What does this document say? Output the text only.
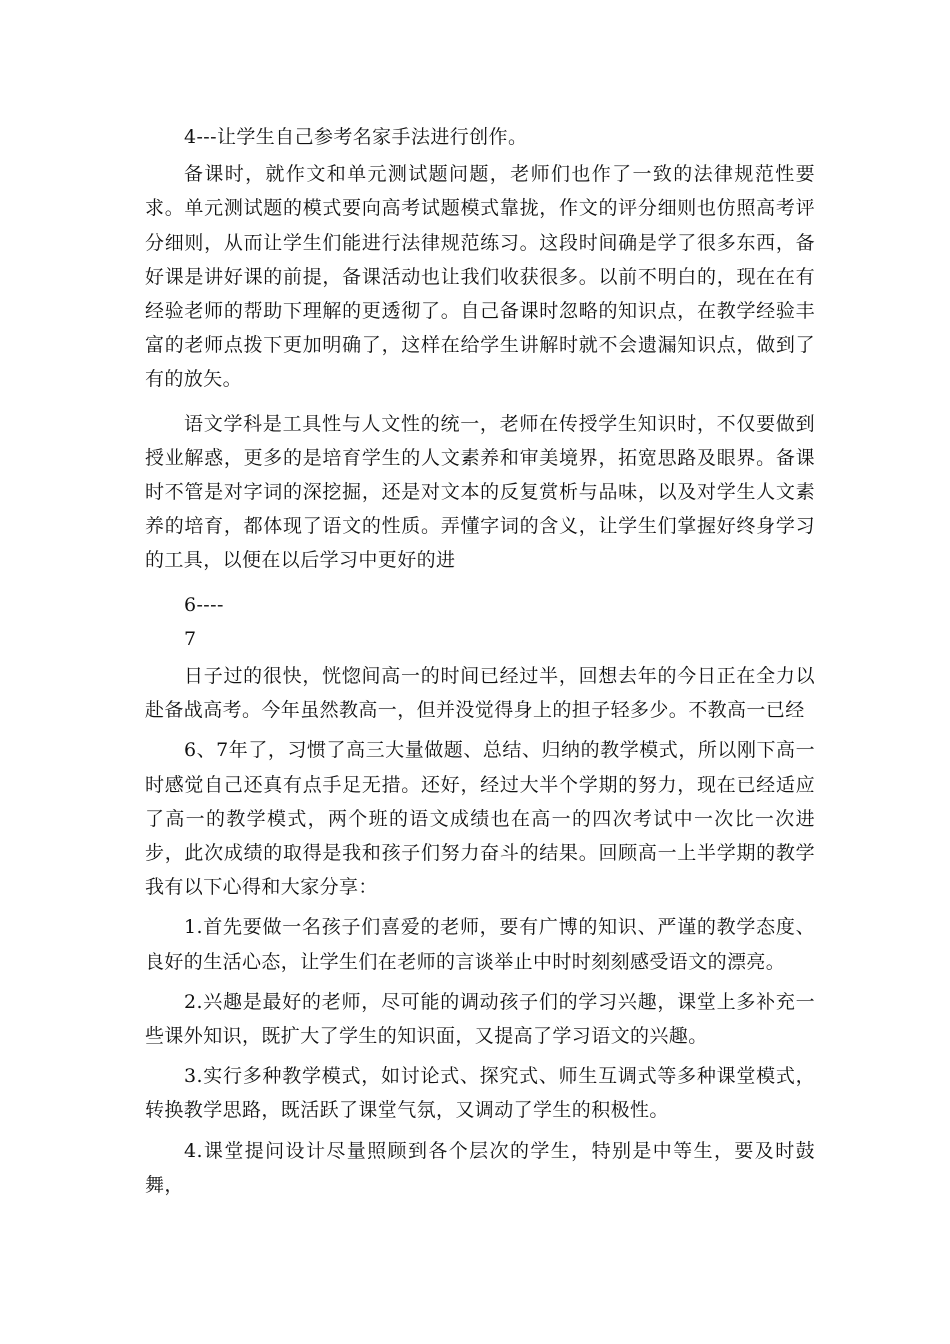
4---让学生自己参考名家手法进行创作。

备课时，就作文和单元测试题问题，老师们也作了一致的法律规范性要求。单元测试题的模式要向高考试题模式靠拢，作文的评分细则也仿照高考评分细则，从而让学生们能进行法律规范练习。这段时间确是学了很多东西，备好课是讲好课的前提，备课活动也让我们收获很多。以前不明白的，现在在有经验老师的帮助下理解的更透彻了。自己备课时忽略的知识点，在教学经验丰富的老师点拨下更加明确了，这样在给学生讲解时就不会遗漏知识点，做到了有的放矢。

语文学科是工具性与人文性的统一，老师在传授学生知识时，不仅要做到授业解惑，更多的是培育学生的人文素养和审美境界，拓宽思路及眼界。备课时不管是对字词的深挖掘，还是对文本的反复赏析与品味，以及对学生人文素养的培育，都体现了语文的性质。弄懂字词的含义，让学生们掌握好终身学习的工具，以便在以后学习中更好的进

6----

7

日子过的很快，恍惚间高一的时间已经过半，回想去年的今日正在全力以赴备战高考。今年虽然教高一，但并没觉得身上的担子轻多少。不教高一已经

6、7年了，习惯了高三大量做题、总结、归纳的教学模式，所以刚下高一时感觉自己还真有点手足无措。还好，经过大半个学期的努力，现在已经适应了高一的教学模式，两个班的语文成绩也在高一的四次考试中一次比一次进步，此次成绩的取得是我和孩子们努力奋斗的结果。回顾高一上半学期的教学我有以下心得和大家分享：

1.首先要做一名孩子们喜爱的老师，要有广博的知识、严谨的教学态度、良好的生活心态，让学生们在老师的言谈举止中时时刻刻感受语文的漂亮。

2.兴趣是最好的老师，尽可能的调动孩子们的学习兴趣，课堂上多补充一些课外知识，既扩大了学生的知识面，又提高了学习语文的兴趣。

3.实行多种教学模式，如讨论式、探究式、师生互调式等多种课堂模式，转换教学思路，既活跃了课堂气氛，又调动了学生的积极性。

4.课堂提问设计尽量照顾到各个层次的学生，特别是中等生，要及时鼓舞，
